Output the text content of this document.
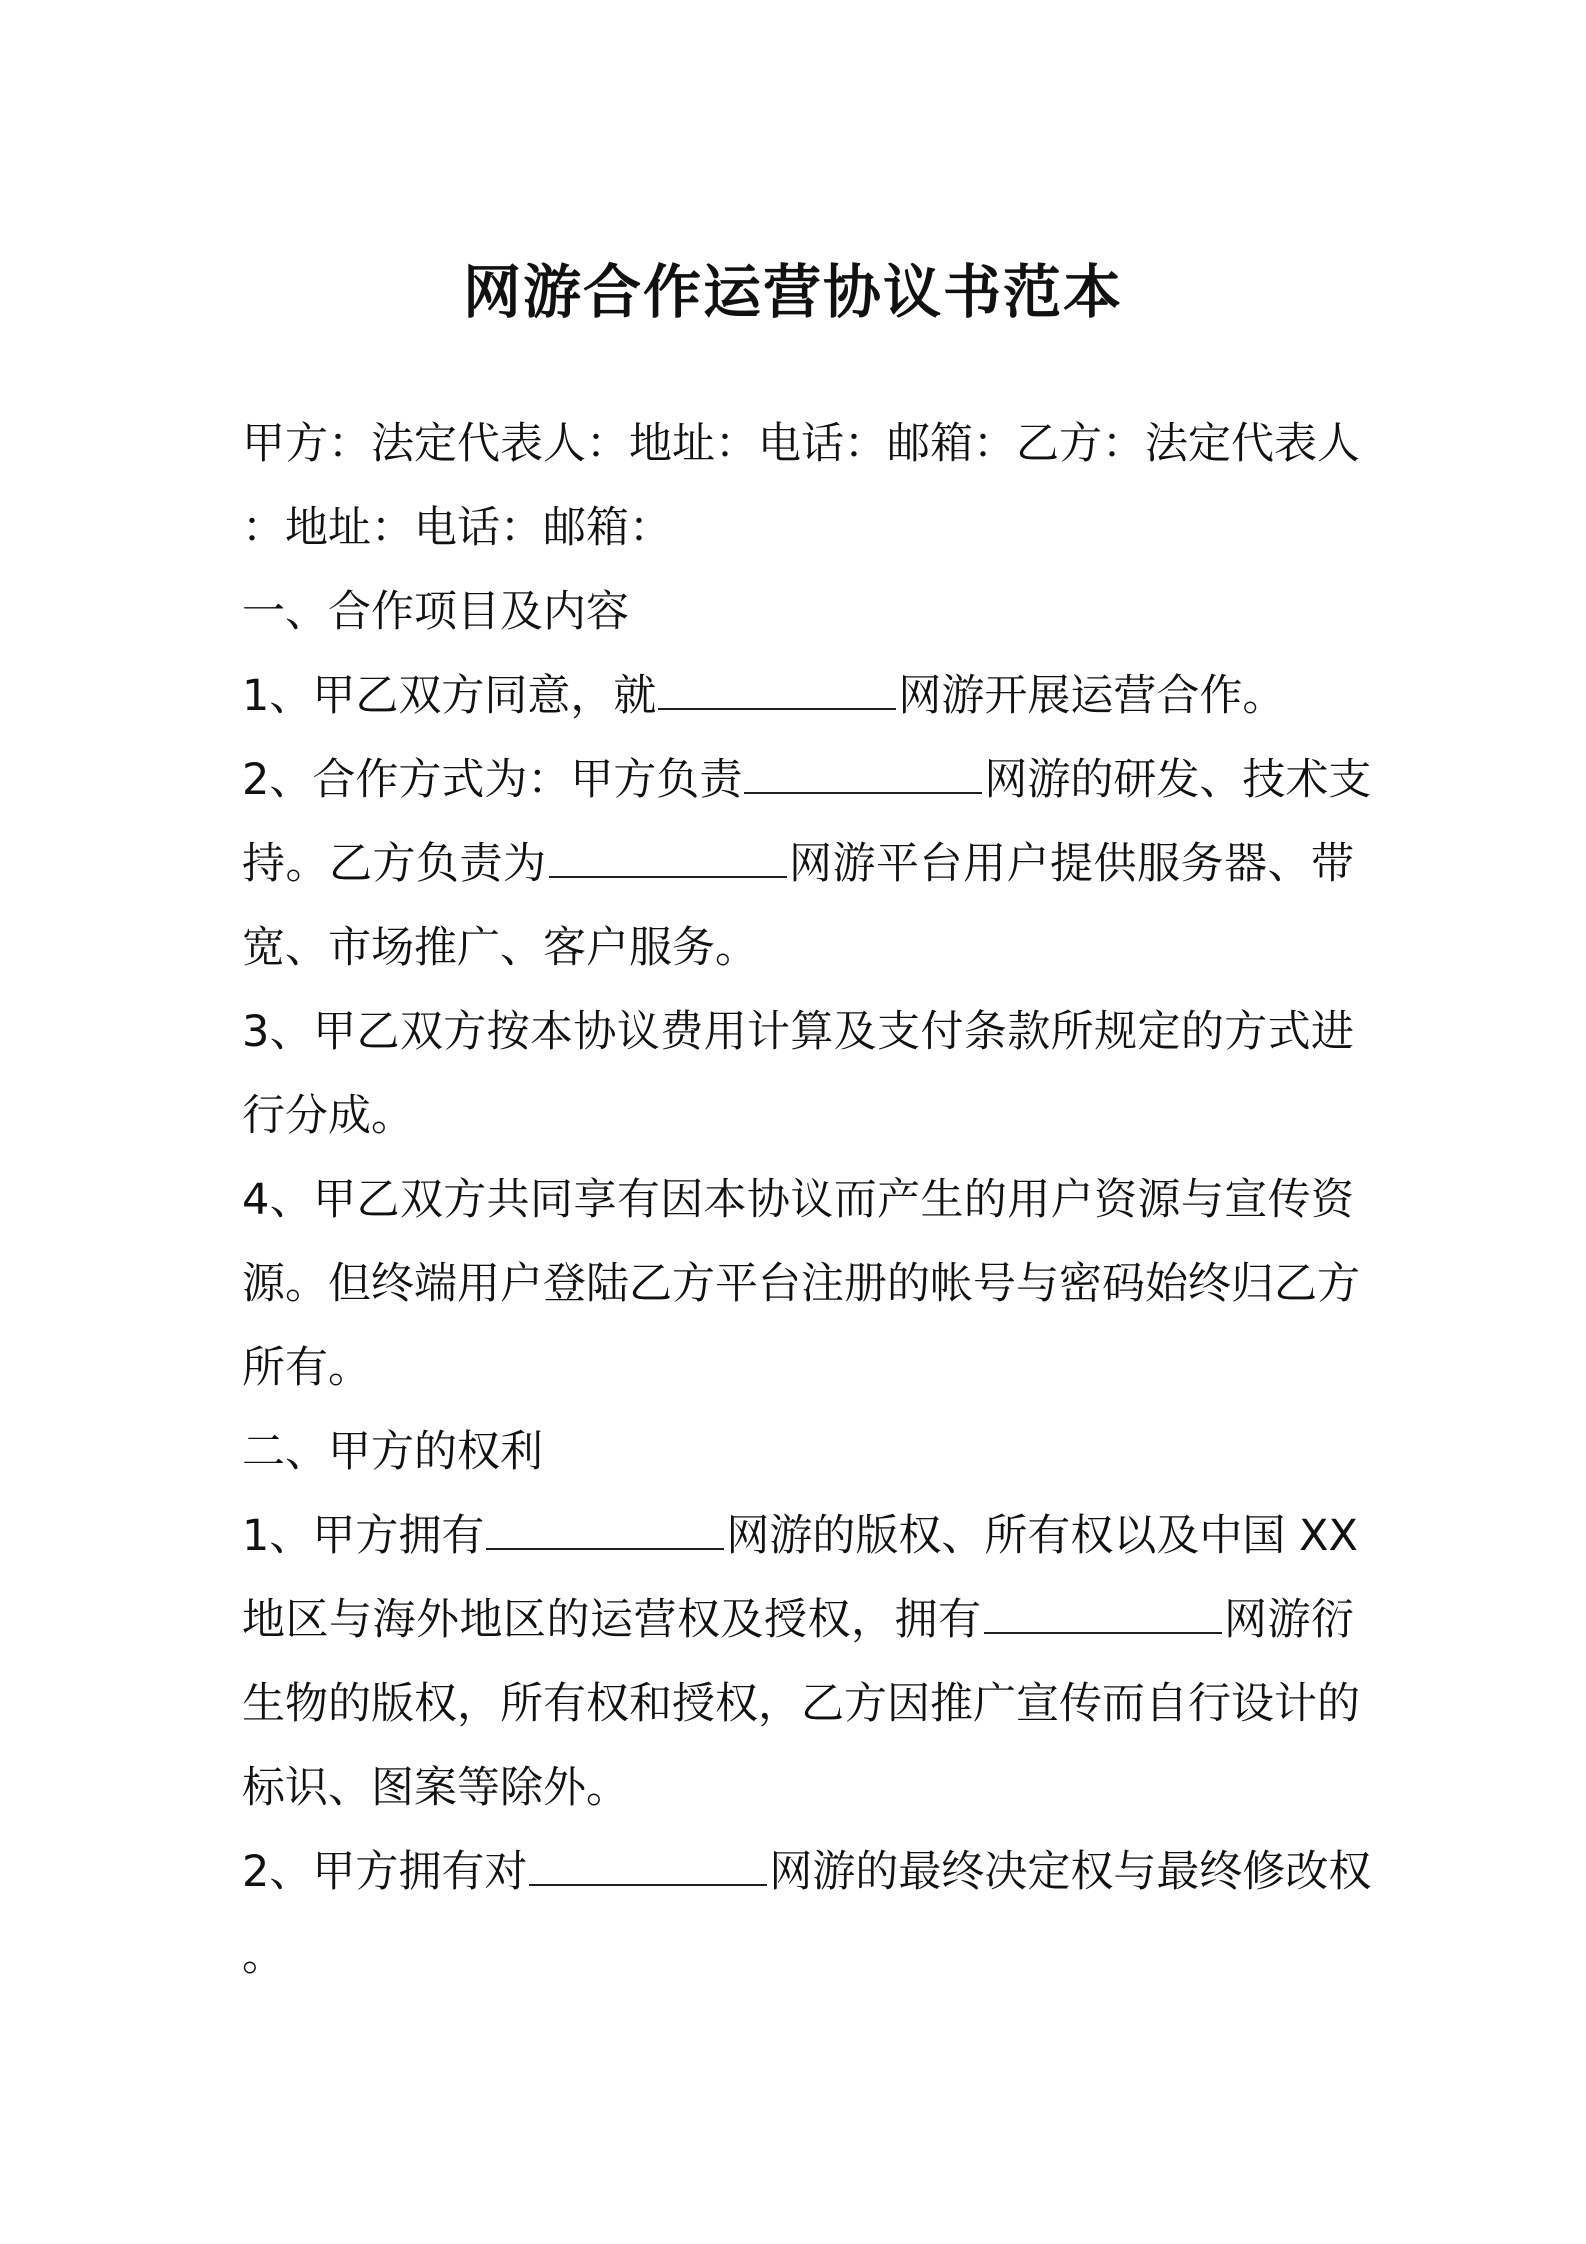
网游合作运营协议书范本
甲方：法定代表人：地址：电话：邮箱：乙方：法定代表人
：地址：电话：邮箱：
一、合作项目及内容
1、甲乙双方同意，就	网游开展运营合作。
2、合作方式为：甲方负责	网游的研发、技术支
持。乙方负责为	网游平台用户提供服务器、带
宽、市场推广、客户服务。
3、甲乙双方按本协议费用计算及支付条款所规定的方式进
行分成。
4、甲乙双方共同享有因本协议而产生的用户资源与宣传资
源。但终端用户登陆乙方平台注册的帐号与密码始终归乙方
所有。
二、甲方的权利
1、甲方拥有	网游的版权、所有权以及中国 XX
地区与海外地区的运营权及授权，拥有	网游衍
生物的版权，所有权和授权，乙方因推广宣传而自行设计的
标识、图案等除外。
2、甲方拥有对	网游的最终决定权与最终修改权
。
